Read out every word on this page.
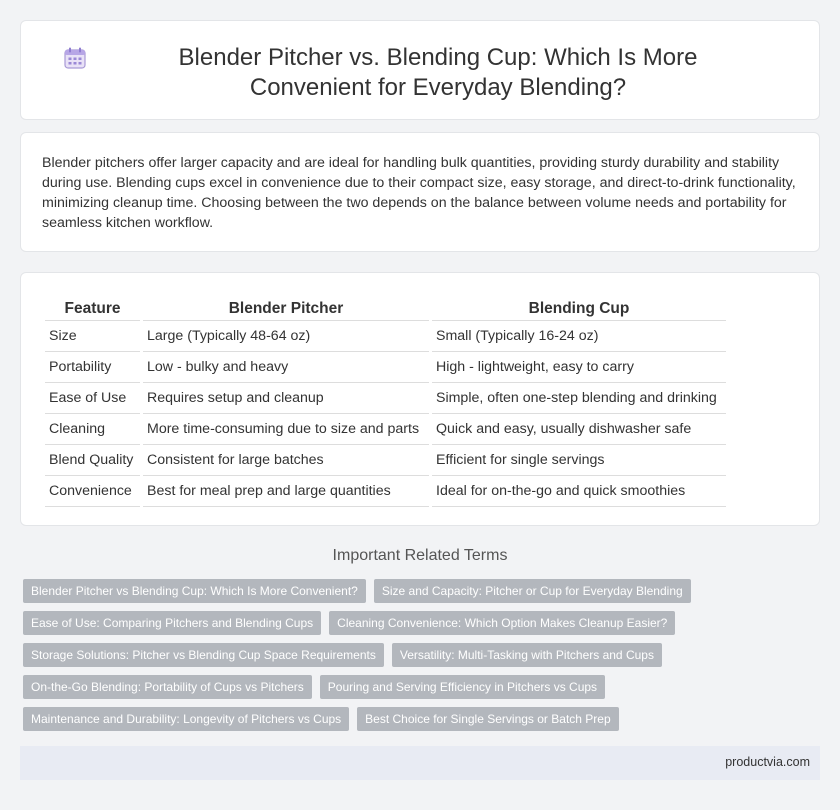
Blender Pitcher vs. Blending Cup: Which Is More Convenient for Everyday Blending?

Blender pitchers offer larger capacity and are ideal for handling bulk quantities, providing sturdy durability and stability during use. Blending cups excel in convenience due to their compact size, easy storage, and direct-to-drink functionality, minimizing cleanup time. Choosing between the two depends on the balance between volume needs and portability for seamless kitchen workflow.

Feature	Blender Pitcher	Blending Cup
Size	Large (Typically 48-64 oz)	Small (Typically 16-24 oz)
Portability	Low - bulky and heavy	High - lightweight, easy to carry
Ease of Use	Requires setup and cleanup	Simple, often one-step blending and drinking
Cleaning	More time-consuming due to size and parts	Quick and easy, usually dishwasher safe
Blend Quality	Consistent for large batches	Efficient for single servings
Convenience	Best for meal prep and large quantities	Ideal for on-the-go and quick smoothies
Important Related Terms
Blender Pitcher vs Blending Cup: Which Is More Convenient?	Size and Capacity: Pitcher or Cup for Everyday Blending
Ease of Use: Comparing Pitchers and Blending Cups	Cleaning Convenience: Which Option Makes Cleanup Easier?
Storage Solutions: Pitcher vs Blending Cup Space Requirements	Versatility: Multi-Tasking with Pitchers and Cups
On-the-Go Blending: Portability of Cups vs Pitchers	Pouring and Serving Efficiency in Pitchers vs Cups
Maintenance and Durability: Longevity of Pitchers vs Cups	Best Choice for Single Servings or Batch Prep
productvia.com
